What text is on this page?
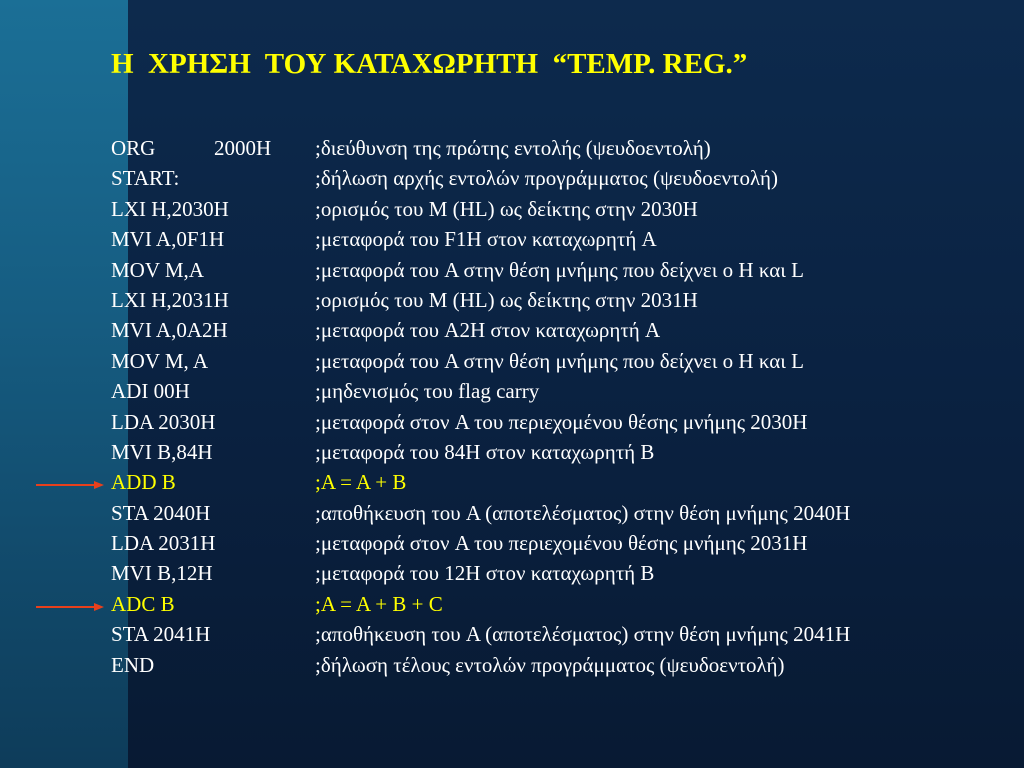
Η  ΧΡΗΣΗ  ΤΟΥ ΚΑΤΑΧΩΡΗΤΗ  “TEMP. REG.”
ORG	2000H ;διεύθυνση της πρώτης εντολής (ψευδοεντολή)
START:	;δήλωση αρχής εντολών προγράμματος (ψευδοεντολή)
LXI H,2030H	;ορισμός του M (HL) ως δείκτης στην 2030H
MVI A,0F1H	;μεταφορά του F1H στον καταχωρητή A
MOV M,A	;μεταφορά του A στην θέση μνήμης που δείχνει ο H και L
LXI H,2031H	;ορισμός του M (HL) ως δείκτης στην 2031H
MVI A,0A2H	;μεταφορά του A2H στον καταχωρητή A
MOV M, A	;μεταφορά του A στην θέση μνήμης που δείχνει ο H και L
ADI 00H	;μηδενισμός του flag carry
LDA 2030H	;μεταφορά στον A του περιεχομένου θέσης μνήμης 2030H
MVI B,84H	;μεταφορά του 84H στον καταχωρητή B
ADD B	;A = A + B
STA 2040H	;αποθήκευση του A (αποτελέσματος) στην θέση μνήμης 2040H
LDA 2031H	;μεταφορά στον A του περιεχομένου θέσης μνήμης 2031H
MVI B,12H	;μεταφορά του 12H στον καταχωρητή B
ADC B	;A = A + B + C
STA 2041H	;αποθήκευση του A (αποτελέσματος) στην θέση μνήμης 2041H
END	;δήλωση τέλους εντολών προγράμματος (ψευδοεντολή)
